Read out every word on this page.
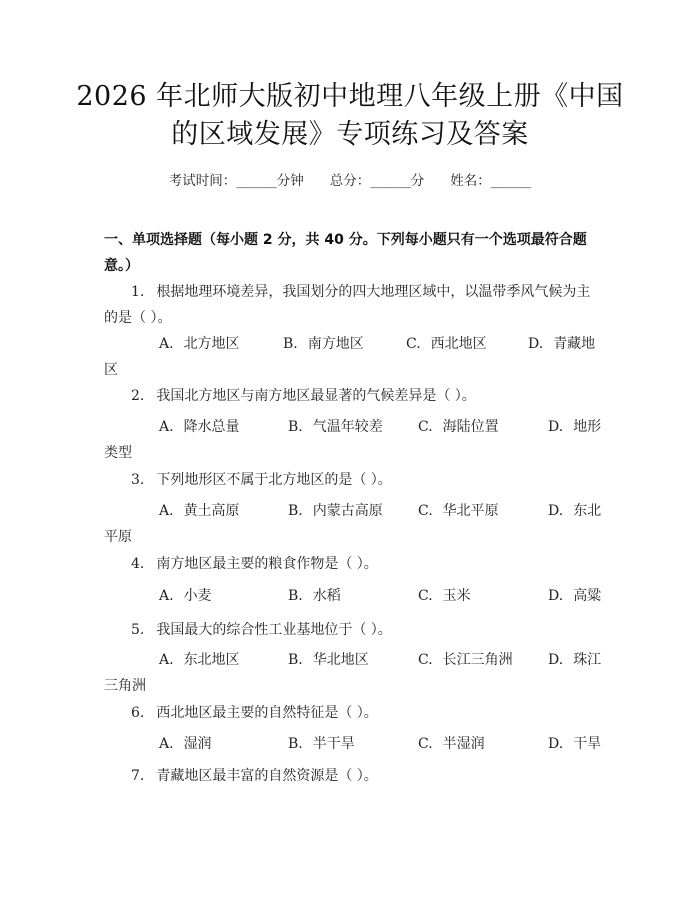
2026 年北师大版初中地理八年级上册《中国
的区域发展》专项练习及答案
考试时间：______分钟 总分：______分 姓名：______
一、单项选择题（每小题 2 分，共 40 分。下列每小题只有一个选项最符合题意。）
1. 根据地理环境差异，我国划分的四大地理区域中，以温带季风气候为主的是（ ）。
A. 北方地区	B. 南方地区	C. 西北地区	D. 青藏地
区
2. 我国北方地区与南方地区最显著的气候差异是（ ）。
A. 降水总量	B. 气温年较差	C. 海陆位置	D. 地形
类型
3. 下列地形区不属于北方地区的是（ ）。
A. 黄土高原	B. 内蒙古高原	C. 华北平原	D. 东北
平原
4. 南方地区最主要的粮食作物是（ ）。
A. 小麦	B. 水稻	C. 玉米	D. 高粱
5. 我国最大的综合性工业基地位于（ ）。
A. 东北地区	B. 华北地区	C. 长江三角洲	D. 珠江
三角洲
6. 西北地区最主要的自然特征是（ ）。
A. 湿润	B. 半干旱	C. 半湿润	D. 干旱
7. 青藏地区最丰富的自然资源是（ ）。
